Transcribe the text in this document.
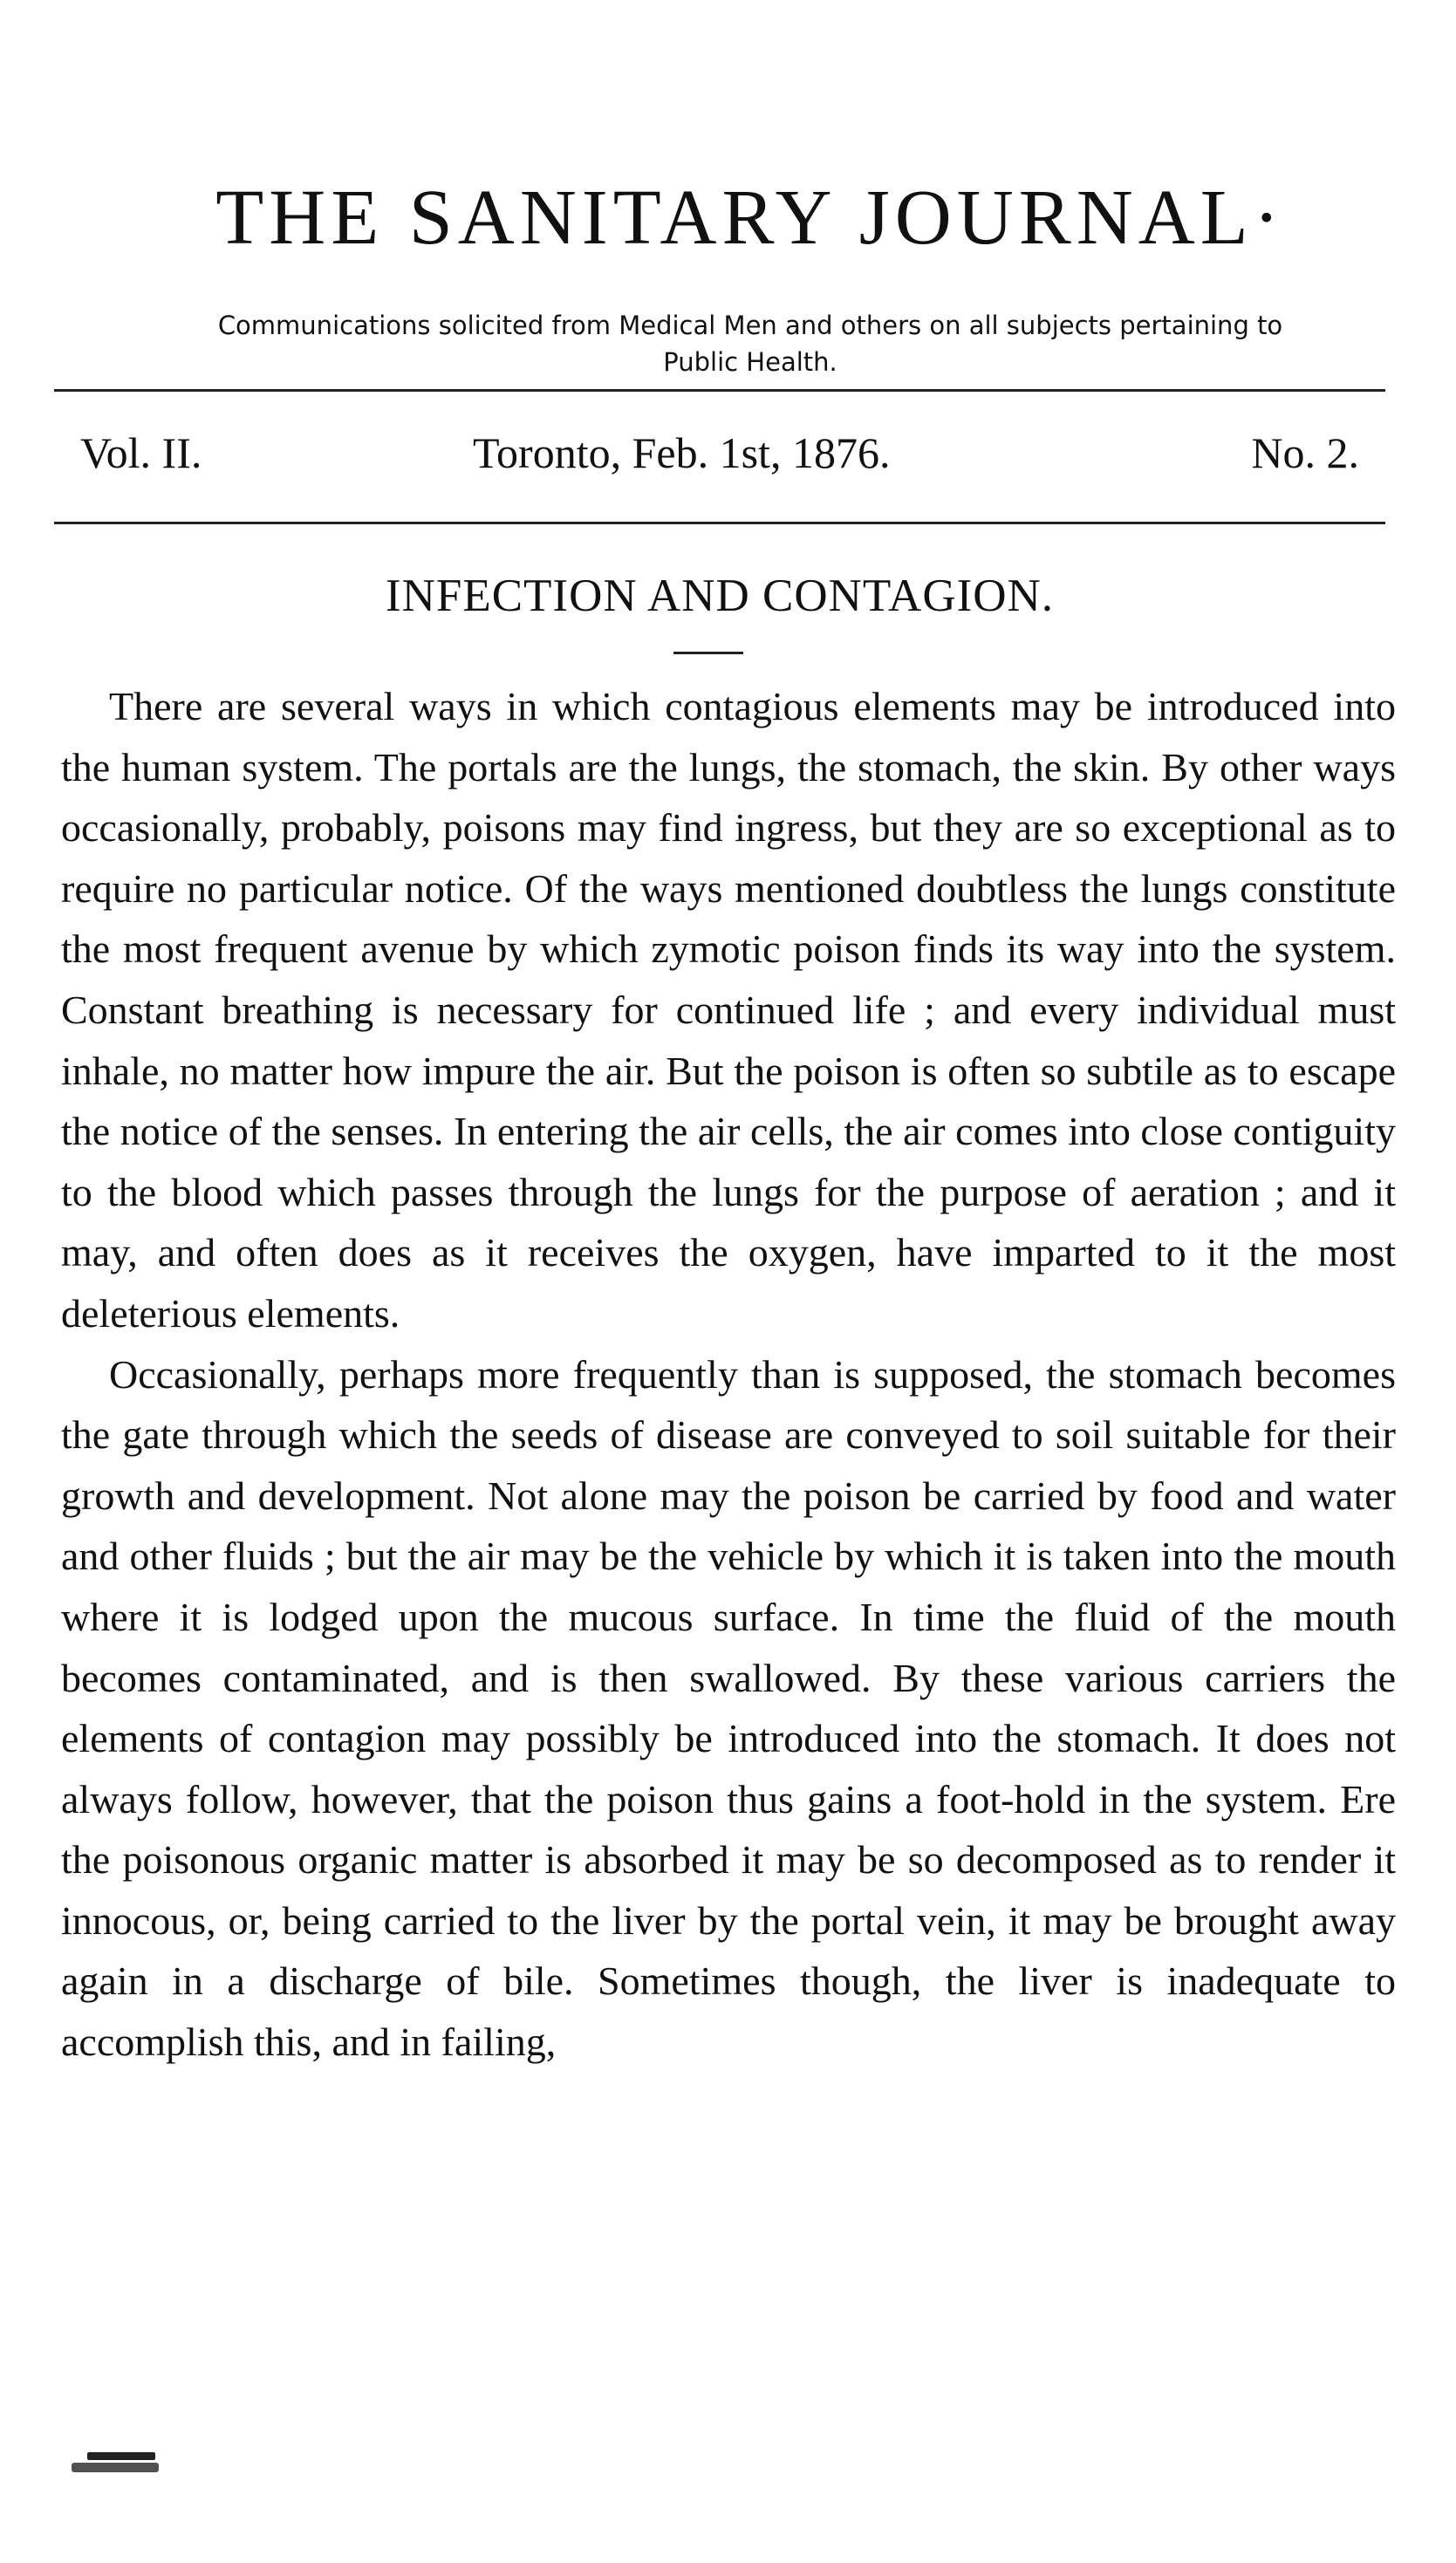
THE SANITARY JOURNAL·
Communications solicited from Medical Men and others on all subjects pertaining to
Public Health.
Vol. II.	Toronto, Feb. 1st, 1876.	No. 2.
INFECTION AND CONTAGION.

There are several ways in which contagious elements may be introduced into the human system. The portals are the lungs, the stomach, the skin. By other ways occasionally, probably, poisons may find ingress, but they are so exceptional as to require no particular notice. Of the ways mentioned doubtless the lungs constitute the most frequent avenue by which zymotic poison finds its way into the system. Constant breathing is necessary for continued life ; and every individual must inhale, no matter how impure the air. But the poison is often so subtile as to escape the notice of the senses. In entering the air cells, the air comes into close contiguity to the blood which passes through the lungs for the purpose of aeration ; and it may, and often does as it receives the oxygen, have imparted to it the most deleterious elements.

Occasionally, perhaps more frequently than is supposed, the stomach becomes the gate through which the seeds of disease are conveyed to soil suitable for their growth and development. Not alone may the poison be carried by food and water and other fluids ; but the air may be the vehicle by which it is taken into the mouth where it is lodged upon the mucous surface. In time the fluid of the mouth becomes contaminated, and is then swallowed. By these various carriers the elements of contagion may possibly be introduced into the stomach. It does not always follow, however, that the poison thus gains a foot-hold in the system. Ere the poisonous organic matter is absorbed it may be so decomposed as to render it innocous, or, being carried to the liver by the portal vein, it may be brought away again in a discharge of bile. Sometimes though, the liver is inadequate to accomplish this, and in failing,
